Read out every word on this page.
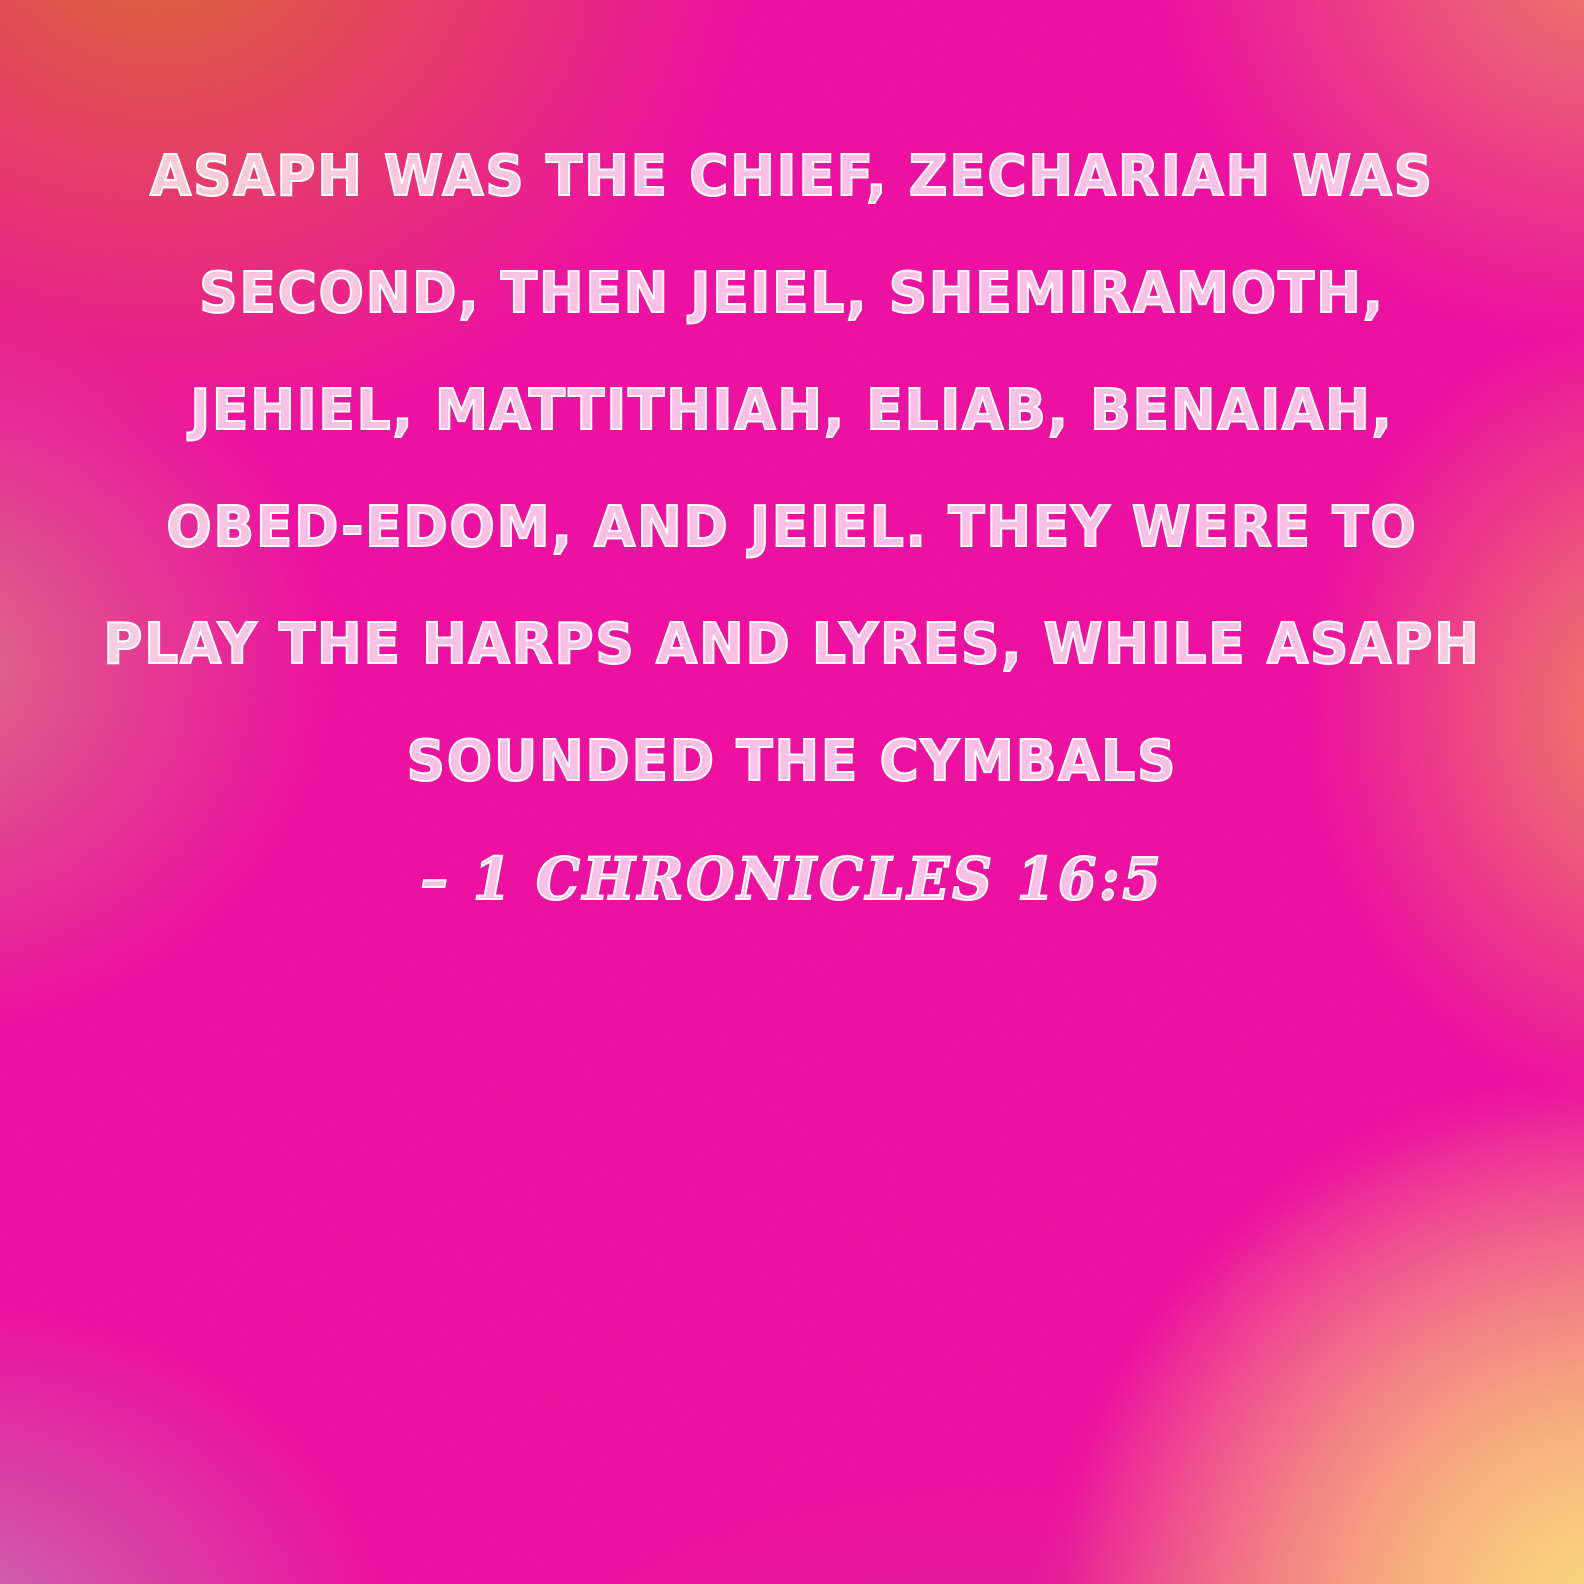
ASAPH WAS THE CHIEF, ZECHARIAH WAS
SECOND, THEN JEIEL, SHEMIRAMOTH,
JEHIEL, MATTITHIAH, ELIAB, BENAIAH,
OBED-EDOM, AND JEIEL. THEY WERE TO
PLAY THE HARPS AND LYRES, WHILE ASAPH
SOUNDED THE CYMBALS
– 1 CHRONICLES 16:5
